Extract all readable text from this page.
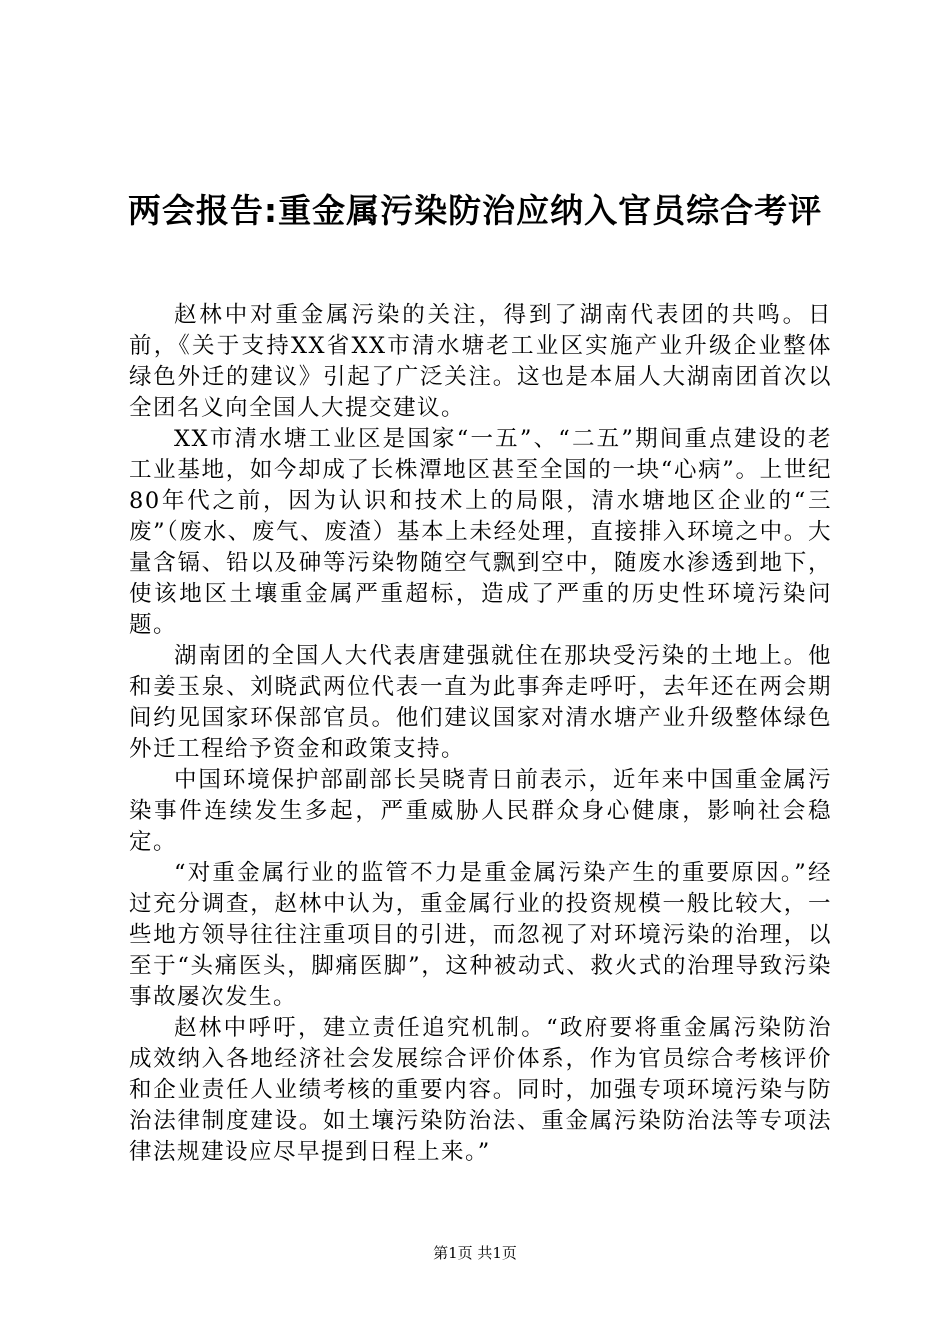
两会报告:重金属污染防治应纳入官员综合考评

赵林中对重金属污染的关注，得到了湖南代表团的共鸣。日前，《关于支持XX省XX市清水塘老工业区实施产业升级企业整体绿色外迁的建议》引起了广泛关注。这也是本届人大湖南团首次以全团名义向全国人大提交建议。

XX市清水塘工业区是国家“一五”、“二五”期间重点建设的老工业基地，如今却成了长株潭地区甚至全国的一块“心病”。上世纪80年代之前，因为认识和技术上的局限，清水塘地区企业的“三废”（废水、废气、废渣）基本上未经处理，直接排入环境之中。大量含镉、铅以及砷等污染物随空气飘到空中，随废水渗透到地下，使该地区土壤重金属严重超标，造成了严重的历史性环境污染问题。

湖南团的全国人大代表唐建强就住在那块受污染的土地上。他和姜玉泉、刘晓武两位代表一直为此事奔走呼吁，去年还在两会期间约见国家环保部官员。他们建议国家对清水塘产业升级整体绿色外迁工程给予资金和政策支持。

中国环境保护部副部长吴晓青日前表示，近年来中国重金属污染事件连续发生多起，严重威胁人民群众身心健康，影响社会稳定。

“对重金属行业的监管不力是重金属污染产生的重要原因。”经过充分调查，赵林中认为，重金属行业的投资规模一般比较大，一些地方领导往往注重项目的引进，而忽视了对环境污染的治理，以至于“头痛医头，脚痛医脚”，这种被动式、救火式的治理导致污染事故屡次发生。

赵林中呼吁，建立责任追究机制。“政府要将重金属污染防治成效纳入各地经济社会发展综合评价体系，作为官员综合考核评价和企业责任人业绩考核的重要内容。同时，加强专项环境污染与防治法律制度建设。如土壤污染防治法、重金属污染防治法等专项法律法规建设应尽早提到日程上来。”

第1页 共1页
